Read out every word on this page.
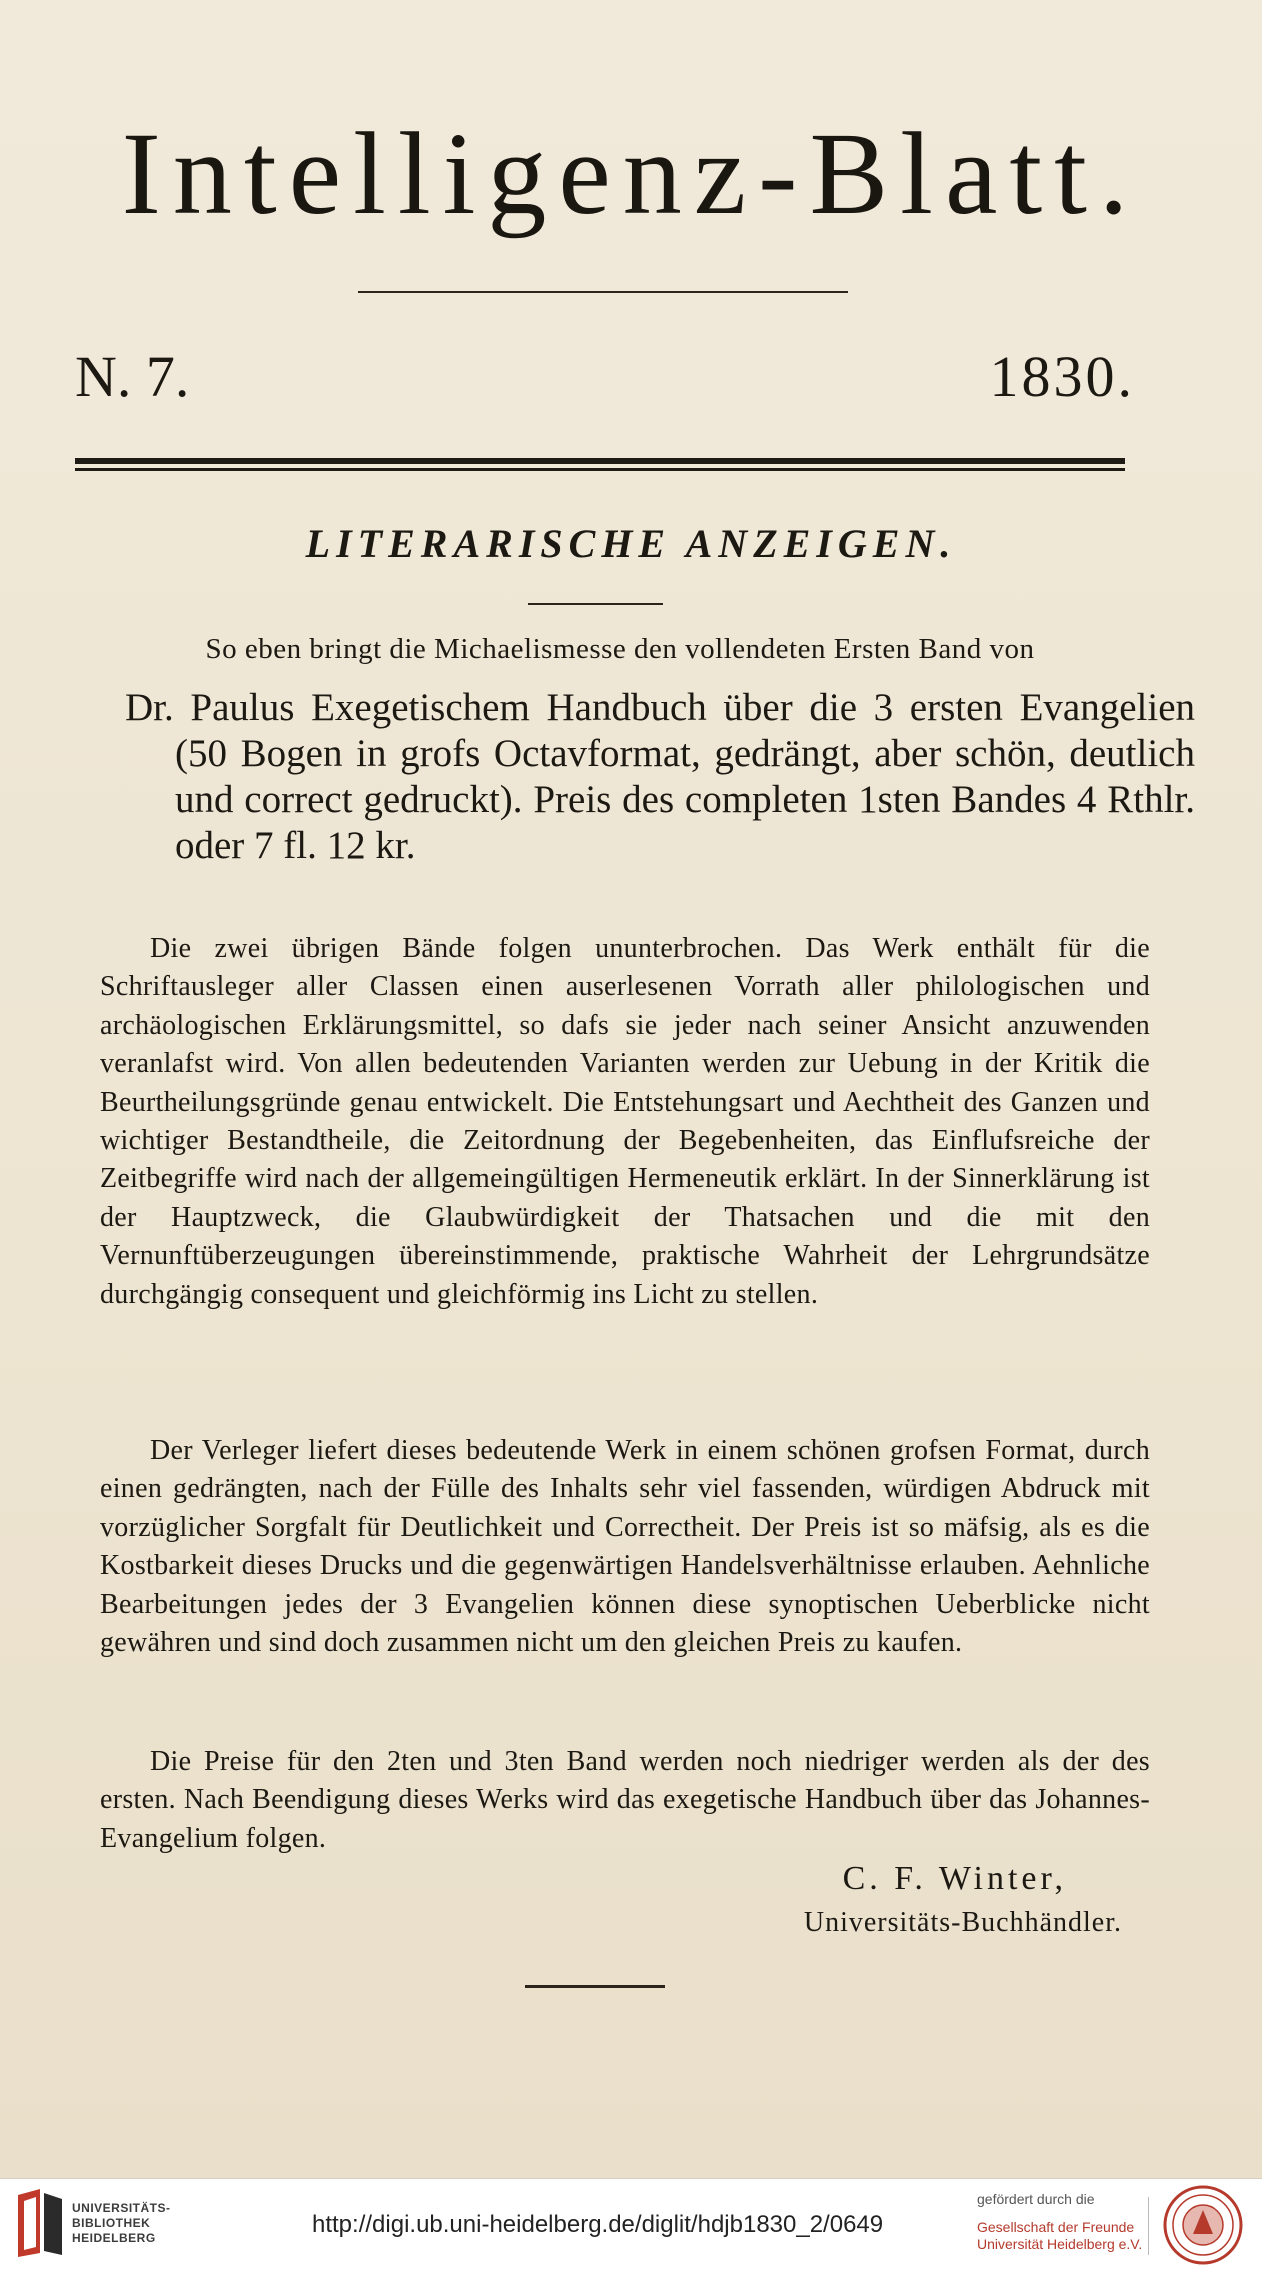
Intelligenz-Blatt.
N. 7.	1830.
LITERARISCHE ANZEIGEN.
So eben bringt die Michaelismesse den vollendeten Ersten Band von
Dr. Paulus Exegetischem Handbuch über die 3 ersten Evangelien (50 Bogen in grofs Octavformat, gedrängt, aber schön, deutlich und correct gedruckt). Preis des completen 1sten Bandes 4 Rthlr. oder 7 fl. 12 kr.
Die zwei übrigen Bände folgen ununterbrochen. Das Werk enthält für die Schriftausleger aller Classen einen auserlesenen Vorrath aller philologischen und archäologischen Erklärungsmittel, so dafs sie jeder nach seiner Ansicht anzuwenden veranlafst wird. Von allen bedeutenden Varianten werden zur Uebung in der Kritik die Beurtheilungsgründe genau entwickelt. Die Entstehungsart und Aechtheit des Ganzen und wichtiger Bestandtheile, die Zeitordnung der Begebenheiten, das Einflufsreiche der Zeitbegriffe wird nach der allgemeingültigen Hermeneutik erklärt. In der Sinnerklärung ist der Hauptzweck, die Glaubwürdigkeit der Thatsachen und die mit den Vernunftüberzeugungen übereinstimmende, praktische Wahrheit der Lehrgrundsätze durchgängig consequent und gleichförmig ins Licht zu stellen.
Der Verleger liefert dieses bedeutende Werk in einem schönen grofsen Format, durch einen gedrängten, nach der Fülle des Inhalts sehr viel fassenden, würdigen Abdruck mit vorzüglicher Sorgfalt für Deutlichkeit und Correctheit. Der Preis ist so mäfsig, als es die Kostbarkeit dieses Drucks und die gegenwärtigen Handelsverhältnisse erlauben. Aehnliche Bearbeitungen jedes der 3 Evangelien können diese synoptischen Ueberblicke nicht gewähren und sind doch zusammen nicht um den gleichen Preis zu kaufen.
Die Preise für den 2ten und 3ten Band werden noch niedriger werden als der des ersten. Nach Beendigung dieses Werks wird das exegetische Handbuch über das Johannes-Evangelium folgen.
C. F. Winter,
Universitäts-Buchhändler.
UNIVERSITÄTS-
BIBLIOTHEK
HEIDELBERG	http://digi.ub.uni-heidelberg.de/diglit/hdjb1830_2/0649
gefördert durch die
Gesellschaft der Freunde
Universität Heidelberg e.V.
